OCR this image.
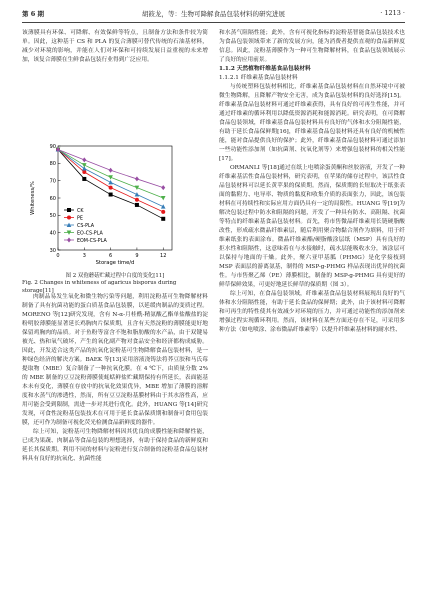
第 6 期	胡筱龙，等：生物可降解食品包装材料的研究进展	· 1213 ·

该薄膜具有环保、可降解、有效保鲜等特点，且制备方法和条件较为简单。因此，这种基于 CS 和 PLA 的复合薄膜可替代传统的石油基材料，减少对环境的影响，并能在人们对环保和可持续发展日益重视的未来增加，该复合薄膜在生鲜食品包装行业得到广泛应用。

30
40
50
60
70
80
90
0	3	6	9	12
Storage time/d
Whiteness/%	CK
PE
CS-PLA
EO-CS-PLA
EOM-CS-PLA
图 2 双孢蘑菇贮藏过程中白度的变化[11]
Fig. 2 Changes in whiteness of agaricus bisporus during storage[11]

肉制品易发生氧化和微生物污染等问题，利用淀粉基可生物降解材料制备了具有抗菌功能的蛋白质基食品包装膜，以延缓肉制品的变质过程。MORENO 等[12]研究发现，含有 N-α-月桂酰-精氨酸乙酯单盐酸盐的淀粉明胶薄膜能显著延长鸡胸肉片保质期，且含有天然淀粉的薄膜能更好地保留鸡胸肉的品质。对于鱼粉等富含不饱和脂肪酸的水产品，由于双键易被光、热和氧气破坏，产生的氧化副产物对食品安全和经济都构成威胁。因此，开发适合这类产品的抗氧化淀粉基可生物降解食品包装材料，是一种绿色经济的解决方案。BAEK 等[13]采用溶液浇铸法将荞豆胶和马氏莓提取物（MBE）复合制备了一种抗氧化膜。在 4 ℃下，由质量分数 2%的 MBE 制备的豆豆淀粉薄膜使蚝蛞鲜盐贮藏期保持有所延长，表面能基本未有变化，薄膜在存放中的抗氧化效果优异，MBE 增加了薄膜的溶解度和水蒸气的渗透性，然而，所有豆豆淀粉基膜材料由于其水溶性高，应用可能会受到限制，需进一步对其进行优化。此外，HUANG 等[14]研究发现，可食性淀粉基包装技术在可用于延长食品保质期和制备可食用包装膜，还可作为制备可视化荧光检测食品新鲜度的器件。

综上可知，淀粉基可生物降解材料因其优良的成膜性能和降解性能，已成为果蔬、肉制品等食品包装的理想选择，有助于保持食品的新鲜度和延长其保质期。利用不同的材料与淀粉进行复合制备的淀粉基食品包装材料具有良好的抗氧化、抗菌性能

和水蒸气阻隔性能；此外，含有可视化指标的淀粉基智能食品包装技术也为食品包装领域带来了新的发展方向，能为消费者提供直观的食品新鲜度信息。因此，淀粉基薄膜作为一种可生物降解材料，在食品包装领域展示了良好的应用前景。

1.1.2 天然植物纤维基食品包装材料

1.1.2.1 纤维素基食品包装材料

与传统塑料包装材料相比，纤维素基食品包装材料在自然环境中可被微生物降解，且降解产物安全无害，成为食品包装材料的良好选择[15]。纤维素基食品包装材料可通过纤维素获得，具有良好的可再生性能，并可通过纤维素的循环利用以降低资源消耗和能源消耗。研究表明，在可降解食品包装领域，纤维素基食品包装材料具有良好的气体和水分阻隔性能，有助于延长食品保鲜期[16]，纤维素基食品包装材料还具有良好的机械性能，能对食品提供良好的保护；此外，纤维素基食品包装材料可通过添加一些功能性添加剂（如抗菌剂、抗氧化剂等）来增强包装材料的相关性能[17]。

ORMANLI 等[18]通过在纸上电喷涂蛋黄酮和丝胶溶液，开发了一种纤维素基活性食品包装材料，研究表明，在苹果的储存过程中，该活性食品包装材料可以延长黄苹果的保质期。然而，保质期的长短取决于纸张表面的黏附力、电导率、物质的黏度和收集介质的表面张力，因此，该包装材料在可持续性和实际应用方面仍具有一定的局限性。HUANG 等[19]为解决包装过程中防水和阻隔的问题，开发了一种具有防水、高阻隔、抗菌等特点的纤维素基食品包装材料。首先，将市售微晶纤维素用长链硬脂酸改性，形成疏水微晶纤维素层，随后利用聚合物黏合剂作为填料，用于纤维素纸张的表面涂布。微晶纤维素酯/硬脂酸涂层纸（MSP）具有良好的拒水性和阻隔性，这意味着在与水接触时，疏水层能吸收水分，该涂层可以保持与地面的干燥。此外，聚六亚甲基胍（PHMG）是化学接枝到 MSP 表面层的游离氨基，制得的 MSP-g-PHMG 样品表现出优异的抗菌性。与市售聚乙烯（PE）薄膜相比，制备的 MSP-g-PHMG 具有更好的鲜草保鲜效果，可更好地延长鲜草的保质期（图 3）。

综上可知，在食品包装领域，纤维素基食品包装材料展现出良好的气体和水分阻隔性能，有助于延长食品的保鲜期；此外，由于该材料可降解和可再生的特性使其有效减少对环境的压力，并可通过功能性的添加剂来增强过程实现循环利用。然而，该材料在某些方面还存在不足，可采用多种方法（如电喷涂、涂布微晶纤维素等）以提升纤维素基材料的耐水性、
